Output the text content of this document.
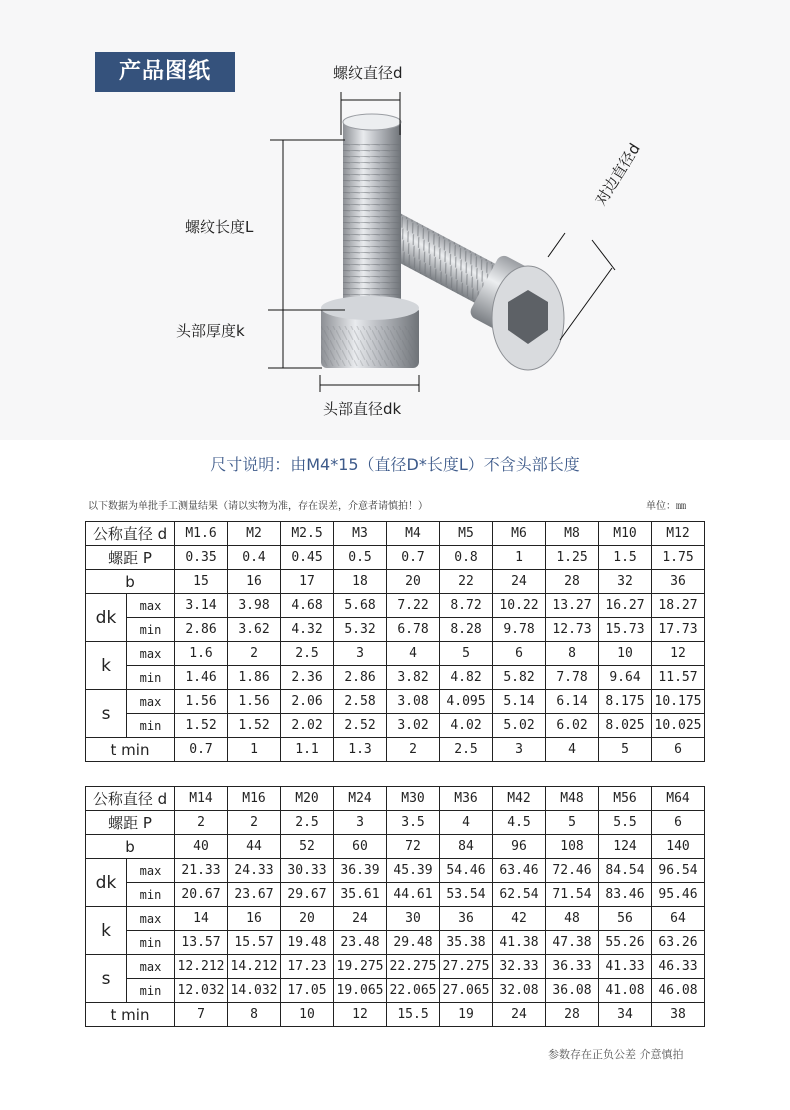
产品图纸	螺纹直径d
螺纹长度L
头部厚度k
头部直径dk
对边直径d
尺寸说明：由M4*15（直径D*长度L）不含头部长度
以下数据为单批手工测量结果（请以实物为准，存在误差，介意者请慎拍！）	单位：㎜
公称直径 d		M1.6	M2	M2.5	M3	M4	M5	M6	M8	M10	M12
螺距 P		0.35	0.4	0.45	0.5	0.7	0.8	1	1.25	1.5	1.75
b		15	16	17	18	20	22	24	28	32	36
dk	max	3.14	3.98	4.68	5.68	7.22	8.72	10.22	13.27	16.27	18.27
	min	2.86	3.62	4.32	5.32	6.78	8.28	9.78	12.73	15.73	17.73
k	max	1.6	2	2.5	3	4	5	6	8	10	12
	min	1.46	1.86	2.36	2.86	3.82	4.82	5.82	7.78	9.64	11.57
s	max	1.56	1.56	2.06	2.58	3.08	4.095	5.14	6.14	8.175	10.175
	min	1.52	1.52	2.02	2.52	3.02	4.02	5.02	6.02	8.025	10.025
t min		0.7	1	1.1	1.3	2	2.5	3	4	5	6
公称直径 d		M14	M16	M20	M24	M30	M36	M42	M48	M56	M64
螺距 P		2	2	2.5	3	3.5	4	4.5	5	5.5	6
b		40	44	52	60	72	84	96	108	124	140
dk	max	21.33	24.33	30.33	36.39	45.39	54.46	63.46	72.46	84.54	96.54
	min	20.67	23.67	29.67	35.61	44.61	53.54	62.54	71.54	83.46	95.46
k	max	14	16	20	24	30	36	42	48	56	64
	min	13.57	15.57	19.48	23.48	29.48	35.38	41.38	47.38	55.26	63.26
s	max	12.212	14.212	17.23	19.275	22.275	27.275	32.33	36.33	41.33	46.33
	min	12.032	14.032	17.05	19.065	22.065	27.065	32.08	36.08	41.08	46.08
t min		7	8	10	12	15.5	19	24	28	34	38
参数存在正负公差 介意慎拍
